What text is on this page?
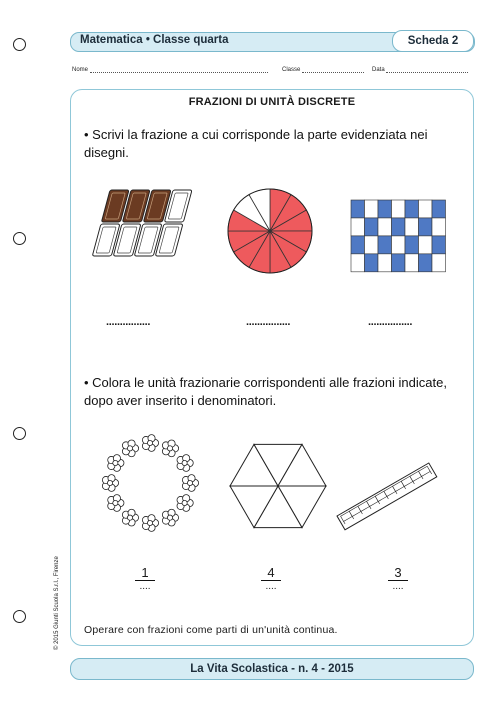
Matematica • Classe quarta	Scheda 2
Nome	Classe	Data
FRAZIONI DI UNITÀ DISCRETE
• Scrivi la frazione a cui corrisponde la parte evidenziata nei disegni.
................	................	................
• Colora le unità frazionarie corrispondenti alle frazioni indicate, dopo aver inserito i denominatori.
1
....
4
....
3
....
Operare con frazioni come parti di un'unità continua.
© 2015 Giunti Scuola S.r.l., Firenze
La Vita Scolastica - n. 4 - 2015
